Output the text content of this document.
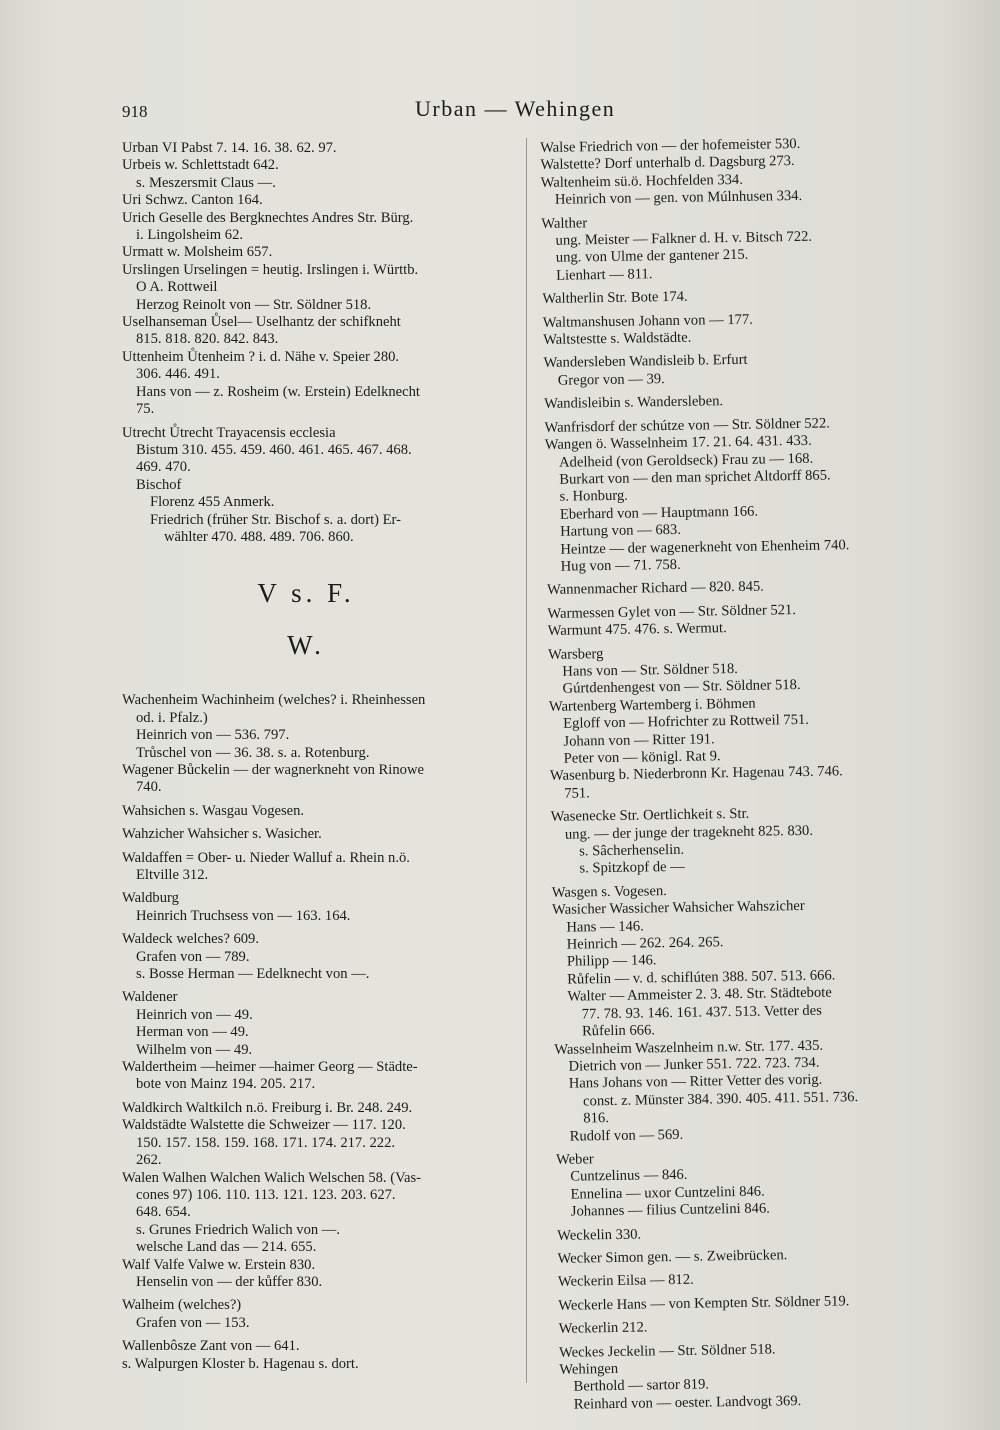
918	Urban — Wehingen
Urban VI Pabst 7. 14. 16. 38. 62. 97.
Urbeis w. Schlettstadt 642.
s. Meszersmit Claus —.
Uri Schwz. Canton 164.
Urich Geselle des Bergknechtes Andres Str. Bürg.
i. Lingolsheim 62.
Urmatt w. Molsheim 657.
Urslingen Urselingen = heutig. Irslingen i. Württb.
O A. Rottweil
Herzog Reinolt von — Str. Söldner 518.
Uselhanseman Ůsel— Uselhantz der schifkneht
815. 818. 820. 842. 843.
Uttenheim Ůtenheim ? i. d. Nähe v. Speier 280.
306. 446. 491.
Hans von — z. Rosheim (w. Erstein) Edelknecht
75.
Utrecht Ůtrecht Trayacensis ecclesia
Bistum 310. 455. 459. 460. 461. 465. 467. 468.
469. 470.
Bischof
Florenz 455 Anmerk.
Friedrich (früher Str. Bischof s. a. dort) Er-
wählter 470. 488. 489. 706. 860.
V s. F.
W.
Wachenheim Wachinheim (welches? i. Rheinhessen
od. i. Pfalz.)
Heinrich von — 536. 797.
Trůschel von — 36. 38. s. a. Rotenburg.
Wagener Bůckelin — der wagnerkneht von Rinowe
740.
Wahsichen s. Wasgau Vogesen.
Wahzicher Wahsicher s. Wasicher.
Waldaffen = Ober- u. Nieder Walluf a. Rhein n.ö.
Eltville 312.
Waldburg
Heinrich Truchsess von — 163. 164.
Waldeck welches? 609.
Grafen von — 789.
s. Bosse Herman — Edelknecht von —.
Waldener
Heinrich von — 49.
Herman von — 49.
Wilhelm von — 49.
Waldertheim —heimer —haimer Georg — Städte-
bote von Mainz 194. 205. 217.
Waldkirch Waltkilch n.ö. Freiburg i. Br. 248. 249.
Waldstädte Walstette die Schweizer — 117. 120.
150. 157. 158. 159. 168. 171. 174. 217. 222.
262.
Walen Walhen Walchen Walich Welschen 58. (Vas-
cones 97) 106. 110. 113. 121. 123. 203. 627.
648. 654.
s. Grunes Friedrich Walich von —.
welsche Land das — 214. 655.
Walf Valfe Valwe w. Erstein 830.
Henselin von — der kůffer 830.
Walheim (welches?)
Grafen von — 153.
Wallenbôsze Zant von — 641.
s. Walpurgen Kloster b. Hagenau s. dort.
Walse Friedrich von — der hofemeister 530.
Walstette? Dorf unterhalb d. Dagsburg 273.
Waltenheim sü.ö. Hochfelden 334.
Heinrich von — gen. von Múlnhusen 334.
Walther
ung. Meister — Falkner d. H. v. Bitsch 722.
ung. von Ulme der gantener 215.
Lienhart — 811.
Waltherlin Str. Bote 174.
Waltmanshusen Johann von — 177.
Waltstestte s. Waldstädte.
Wandersleben Wandisleib b. Erfurt
Gregor von — 39.
Wandisleibin s. Wandersleben.
Wanfrisdorf der schútze von — Str. Söldner 522.
Wangen ö. Wasselnheim 17. 21. 64. 431. 433.
Adelheid (von Geroldseck) Frau zu — 168.
Burkart von — den man sprichet Altdorff 865.
s. Honburg.
Eberhard von — Hauptmann 166.
Hartung von — 683.
Heintze — der wagenerkneht von Ehenheim 740.
Hug von — 71. 758.
Wannenmacher Richard — 820. 845.
Warmessen Gylet von — Str. Söldner 521.
Warmunt 475. 476. s. Wermut.
Warsberg
Hans von — Str. Söldner 518.
Gúrtdenhengest von — Str. Söldner 518.
Wartenberg Wartemberg i. Böhmen
Egloff von — Hofrichter zu Rottweil 751.
Johann von — Ritter 191.
Peter von — königl. Rat 9.
Wasenburg b. Niederbronn Kr. Hagenau 743. 746.
751.
Wasenecke Str. Oertlichkeit s. Str.
ung. — der junge der tragekneht 825. 830.
s. Sâcherhenselin.
s. Spitzkopf de —
Wasgen s. Vogesen.
Wasicher Wassicher Wahsicher Wahszicher
Hans — 146.
Heinrich — 262. 264. 265.
Philipp — 146.
Růfelin — v. d. schiflúten 388. 507. 513. 666.
Walter — Ammeister 2. 3. 48. Str. Städtebote
77. 78. 93. 146. 161. 437. 513. Vetter des
Růfelin 666.
Wasselnheim Waszelnheim n.w. Str. 177. 435.
Dietrich von — Junker 551. 722. 723. 734.
Hans Johans von — Ritter Vetter des vorig.
const. z. Münster 384. 390. 405. 411. 551. 736.
816.
Rudolf von — 569.
Weber
Cuntzelinus — 846.
Ennelina — uxor Cuntzelini 846.
Johannes — filius Cuntzelini 846.
Weckelin 330.
Wecker Simon gen. — s. Zweibrücken.
Weckerin Eilsa — 812.
Weckerle Hans — von Kempten Str. Söldner 519.
Weckerlin 212.
Weckes Jeckelin — Str. Söldner 518.
Wehingen
Berthold — sartor 819.
Reinhard von — oester. Landvogt 369.
